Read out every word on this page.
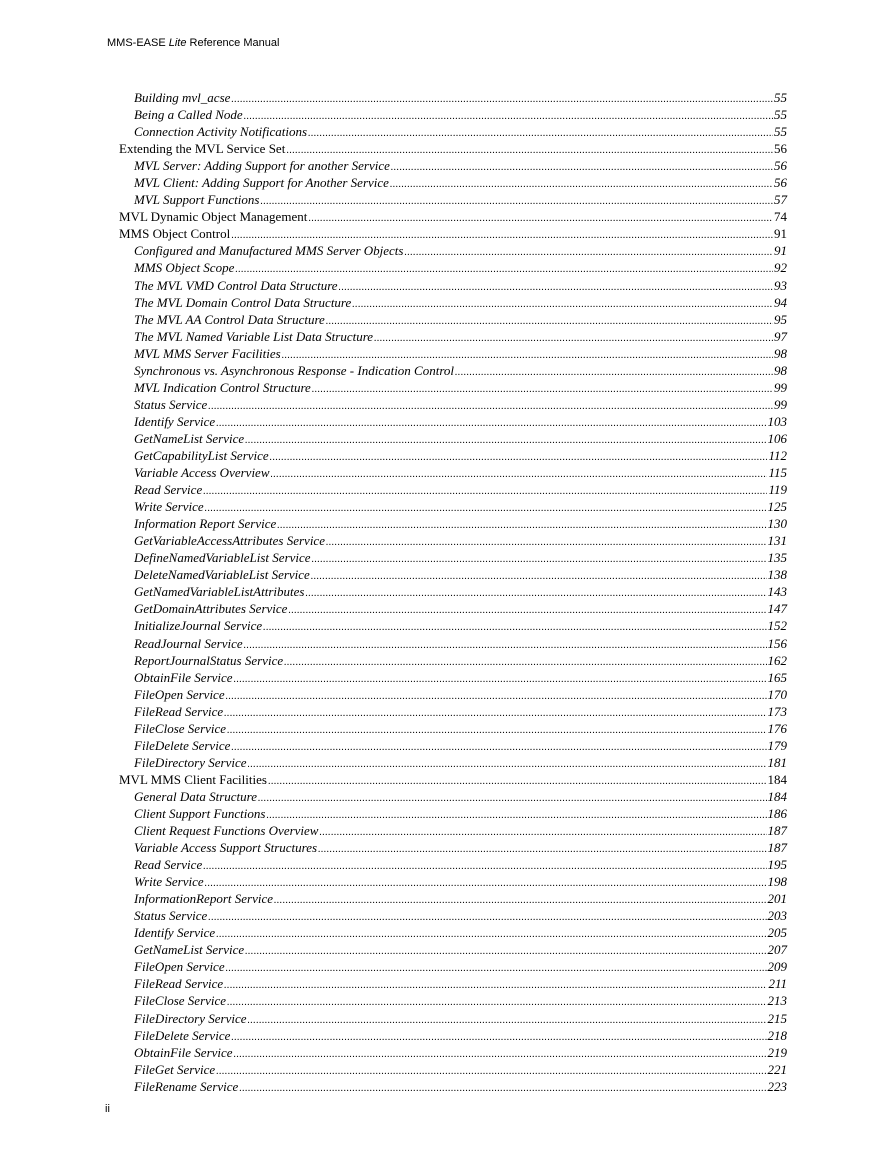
MMS-EASE Lite Reference Manual
Building mvl_acse .....	55
Being a Called Node .....	55
Connection Activity Notifications .....	55
Extending the MVL Service Set .....	56
MVL Server: Adding Support for another Service .....	56
MVL Client: Adding Support for Another Service .....	56
MVL Support Functions .....	57
MVL Dynamic Object Management .....	74
MMS Object Control .....	91
Configured and Manufactured MMS Server Objects .....	91
MMS Object Scope .....	92
The MVL VMD Control Data Structure .....	93
The MVL Domain Control Data Structure .....	94
The MVL AA Control Data Structure .....	95
The MVL Named Variable List Data Structure .....	97
MVL MMS Server Facilities .....	98
Synchronous vs. Asynchronous Response - Indication Control .....	98
MVL Indication Control Structure .....	99
Status Service .....	99
Identify Service .....	103
GetNameList Service .....	106
GetCapabilityList Service .....	112
Variable Access Overview .....	115
Read Service .....	119
Write Service .....	125
Information Report Service .....	130
GetVariableAccessAttributes Service .....	131
DefineNamedVariableList Service .....	135
DeleteNamedVariableList Service .....	138
GetNamedVariableListAttributes .....	143
GetDomainAttributes Service .....	147
InitializeJournal Service .....	152
ReadJournal Service .....	156
ReportJournalStatus Service .....	162
ObtainFile Service .....	165
FileOpen Service .....	170
FileRead Service .....	173
FileClose Service .....	176
FileDelete Service .....	179
FileDirectory Service .....	181
MVL MMS Client Facilities .....	184
General Data Structure .....	184
Client Support Functions .....	186
Client Request Functions Overview .....	187
Variable Access Support Structures .....	187
Read Service .....	195
Write Service .....	198
InformationReport Service .....	201
Status Service .....	203
Identify Service .....	205
GetNameList Service .....	207
FileOpen Service .....	209
FileRead Service .....	211
FileClose Service .....	213
FileDirectory Service .....	215
FileDelete Service .....	218
ObtainFile Service .....	219
FileGet Service .....	221
FileRename Service .....	223
ii
